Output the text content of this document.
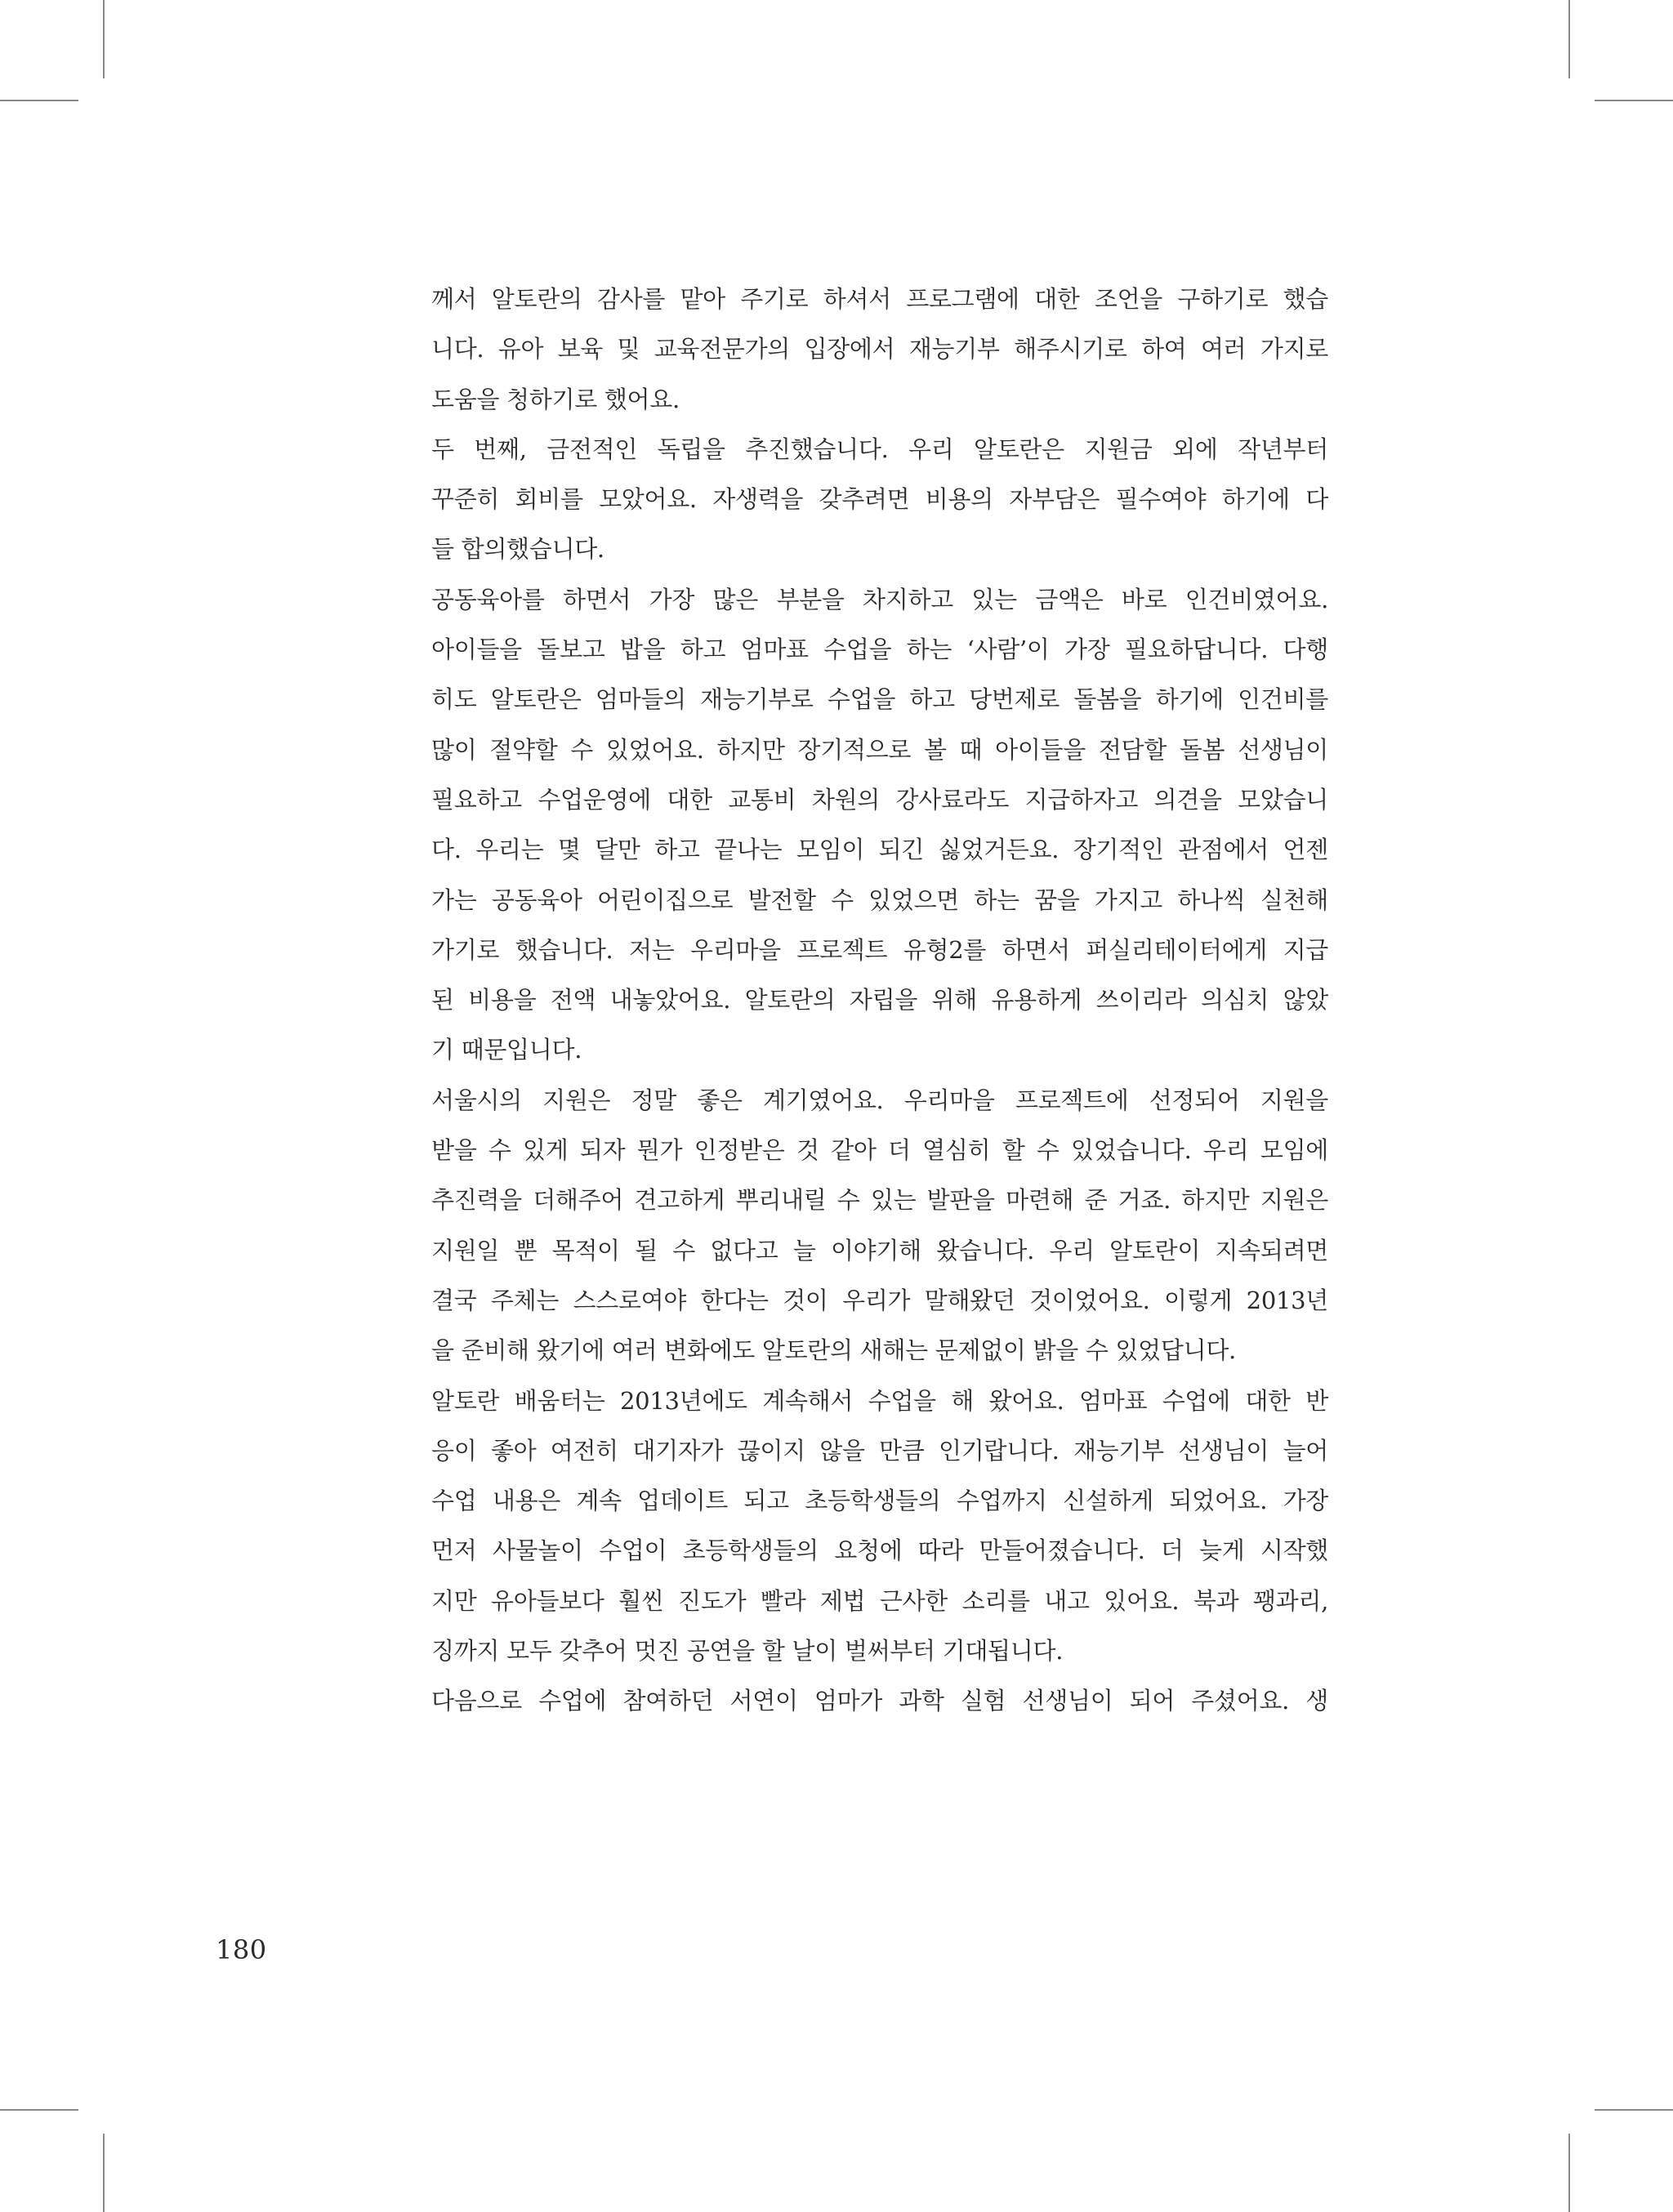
께서 알토란의 감사를 맡아 주기로 하셔서 프로그램에 대한 조언을 구하기로 했습
니다. 유아 보육 및 교육전문가의 입장에서 재능기부 해주시기로 하여 여러 가지로
도움을 청하기로 했어요.
두 번째, 금전적인 독립을 추진했습니다. 우리 알토란은 지원금 외에 작년부터
꾸준히 회비를 모았어요. 자생력을 갖추려면 비용의 자부담은 필수여야 하기에 다
들 합의했습니다.
공동육아를 하면서 가장 많은 부분을 차지하고 있는 금액은 바로 인건비였어요.
아이들을 돌보고 밥을 하고 엄마표 수업을 하는 ‘사람’이 가장 필요하답니다. 다행
히도 알토란은 엄마들의 재능기부로 수업을 하고 당번제로 돌봄을 하기에 인건비를
많이 절약할 수 있었어요. 하지만 장기적으로 볼 때 아이들을 전담할 돌봄 선생님이
필요하고 수업운영에 대한 교통비 차원의 강사료라도 지급하자고 의견을 모았습니
다. 우리는 몇 달만 하고 끝나는 모임이 되긴 싫었거든요. 장기적인 관점에서 언젠
가는 공동육아 어린이집으로 발전할 수 있었으면 하는 꿈을 가지고 하나씩 실천해
가기로 했습니다. 저는 우리마을 프로젝트 유형2를 하면서 퍼실리테이터에게 지급
된 비용을 전액 내놓았어요. 알토란의 자립을 위해 유용하게 쓰이리라 의심치 않았
기 때문입니다.
서울시의 지원은 정말 좋은 계기였어요. 우리마을 프로젝트에 선정되어 지원을
받을 수 있게 되자 뭔가 인정받은 것 같아 더 열심히 할 수 있었습니다. 우리 모임에
추진력을 더해주어 견고하게 뿌리내릴 수 있는 발판을 마련해 준 거죠. 하지만 지원은
지원일 뿐 목적이 될 수 없다고 늘 이야기해 왔습니다. 우리 알토란이 지속되려면
결국 주체는 스스로여야 한다는 것이 우리가 말해왔던 것이었어요. 이렇게 2013년
을 준비해 왔기에 여러 변화에도 알토란의 새해는 문제없이 밝을 수 있었답니다.
알토란 배움터는 2013년에도 계속해서 수업을 해 왔어요. 엄마표 수업에 대한 반
응이 좋아 여전히 대기자가 끊이지 않을 만큼 인기랍니다. 재능기부 선생님이 늘어
수업 내용은 계속 업데이트 되고 초등학생들의 수업까지 신설하게 되었어요. 가장
먼저 사물놀이 수업이 초등학생들의 요청에 따라 만들어졌습니다. 더 늦게 시작했
지만 유아들보다 훨씬 진도가 빨라 제법 근사한 소리를 내고 있어요. 북과 꽹과리,
징까지 모두 갖추어 멋진 공연을 할 날이 벌써부터 기대됩니다.
다음으로 수업에 참여하던 서연이 엄마가 과학 실험 선생님이 되어 주셨어요. 생
180
